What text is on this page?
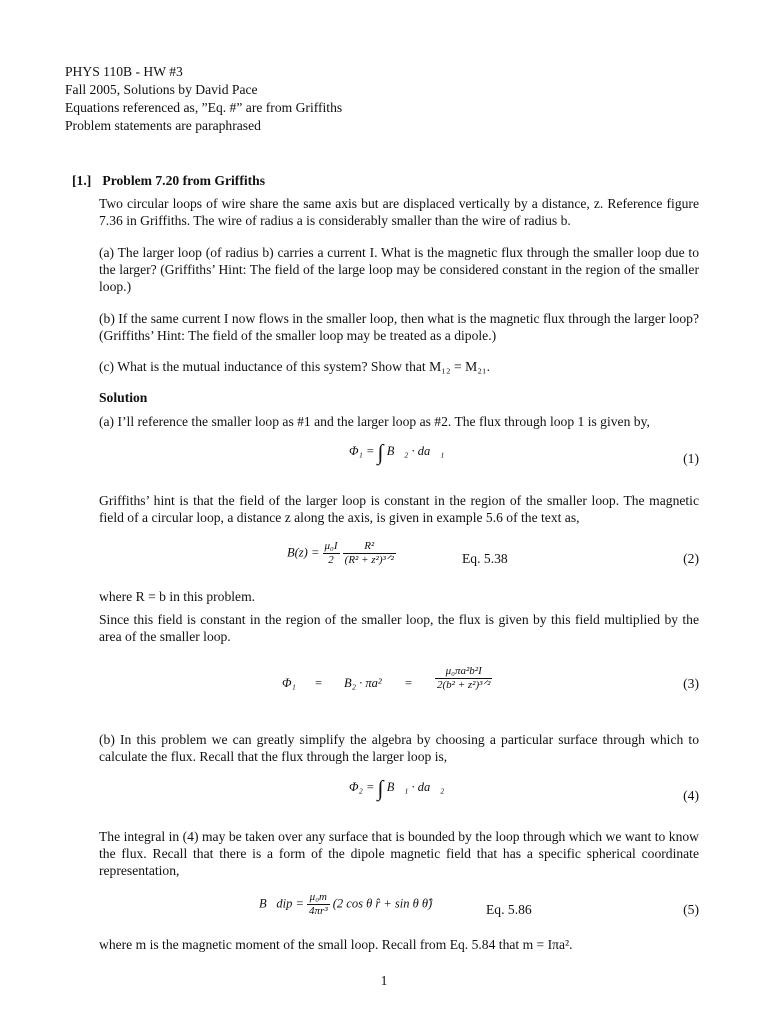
PHYS 110B - HW #3
Fall 2005, Solutions by David Pace
Equations referenced as, ”Eq. #” are from Griffiths
Problem statements are paraphrased
[1.] Problem 7.20 from Griffiths
Two circular loops of wire share the same axis but are displaced vertically by a distance, z. Reference figure 7.36 in Griffiths. The wire of radius a is considerably smaller than the wire of radius b.
(a) The larger loop (of radius b) carries a current I. What is the magnetic flux through the smaller loop due to the larger? (Griffiths’ Hint: The field of the large loop may be considered constant in the region of the smaller loop.)
(b) If the same current I now flows in the smaller loop, then what is the magnetic flux through the larger loop? (Griffiths’ Hint: The field of the smaller loop may be treated as a dipole.)
(c) What is the mutual inductance of this system? Show that M₁₂ = M₂₁.
Solution
(a) I’ll reference the smaller loop as #1 and the larger loop as #2. The flux through loop 1 is given by,
Φ₁ = ∫ B⃗₂ · da⃗₁	(1)
Griffiths’ hint is that the field of the larger loop is constant in the region of the smaller loop. The magnetic field of a circular loop, a distance z along the axis, is given in example 5.6 of the text as,
$B(z) = \frac{\text{μ₀I}}{2}$
$\frac{\text{R²}}{\text{(R² + z²)³ᐟ²}}$	Eq. 5.38	(2)
where R = b in this problem.
Since this field is constant in the region of the smaller loop, the flux is given by this field multiplied by the area of the smaller loop.
$\Phi_1 = B_2 \cdot \pi a^2 = \frac{\text{μ₀πa²b²I}}{\text{2(b² + z²)³ᐟ²}}$	(3)
(b) In this problem we can greatly simplify the algebra by choosing a particular surface through which to calculate the flux. Recall that the flux through the larger loop is,
Φ₂ = ∫ B⃗₁ · da⃗₂
(4)
The integral in (4) may be taken over any surface that is bounded by the loop through which we want to know the flux. Recall that there is a form of the dipole magnetic field that has a specific spherical coordinate representation,
B⃗dip = $\frac{\text{μ₀m}}{\text{4πr³}} (2$ cos θ r̂ + sin θ θ̂)	Eq. 5.86	(5)
where m is the magnetic moment of the small loop. Recall from Eq. 5.84 that m = Iπa².
1
